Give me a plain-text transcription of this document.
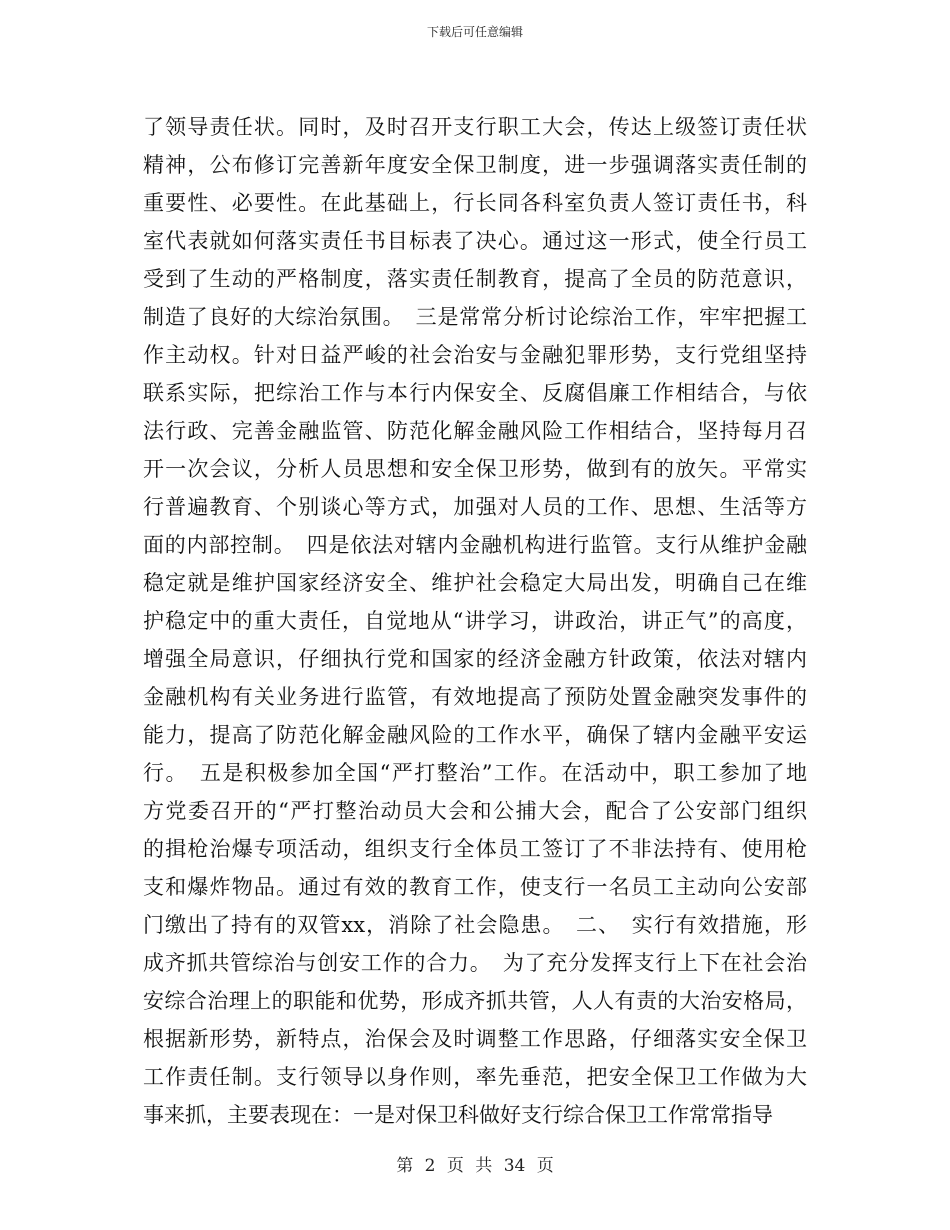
下载后可任意编辑
了领导责任状。同时，及时召开支行职工大会，传达上级签订责任状
精神，公布修订完善新年度安全保卫制度，进一步强调落实责任制的
重要性、必要性。在此基础上，行长同各科室负责人签订责任书，科
室代表就如何落实责任书目标表了决心。通过这一形式，使全行员工
受到了生动的严格制度，落实责任制教育，提高了全员的防范意识，
制造了良好的大综治氛围。　三是常常分析讨论综治工作，牢牢把握工
作主动权。针对日益严峻的社会治安与金融犯罪形势，支行党组坚持
联系实际，把综治工作与本行内保安全、反腐倡廉工作相结合，与依
法行政、完善金融监管、防范化解金融风险工作相结合，坚持每月召
开一次会议，分析人员思想和安全保卫形势，做到有的放矢。平常实
行普遍教育、个别谈心等方式，加强对人员的工作、思想、生活等方
面的内部控制。　四是依法对辖内金融机构进行监管。支行从维护金融
稳定就是维护国家经济安全、维护社会稳定大局出发，明确自己在维
护稳定中的重大责任，自觉地从“讲学习，讲政治，讲正气”的高度，
增强全局意识，仔细执行党和国家的经济金融方针政策，依法对辖内
金融机构有关业务进行监管，有效地提高了预防处置金融突发事件的
能力，提高了防范化解金融风险的工作水平，确保了辖内金融平安运
行。　五是积极参加全国“严打整治”工作。在活动中，职工参加了地
方党委召开的“严打整治动员大会和公捕大会，配合了公安部门组织
的揖枪治爆专项活动，组织支行全体员工签订了不非法持有、使用枪
支和爆炸物品。通过有效的教育工作，使支行一名员工主动向公安部
门缴出了持有的双管xx，消除了社会隐患。　二、　实行有效措施，形
成齐抓共管综治与创安工作的合力。　为了充分发挥支行上下在社会治
安综合治理上的职能和优势，形成齐抓共管，人人有责的大治安格局，
根据新形势，新特点，治保会及时调整工作思路，仔细落实安全保卫
工作责任制。支行领导以身作则，率先垂范，把安全保卫工作做为大
事来抓，主要表现在：一是对保卫科做好支行综合保卫工作常常指导
第 2 页 共 34 页
